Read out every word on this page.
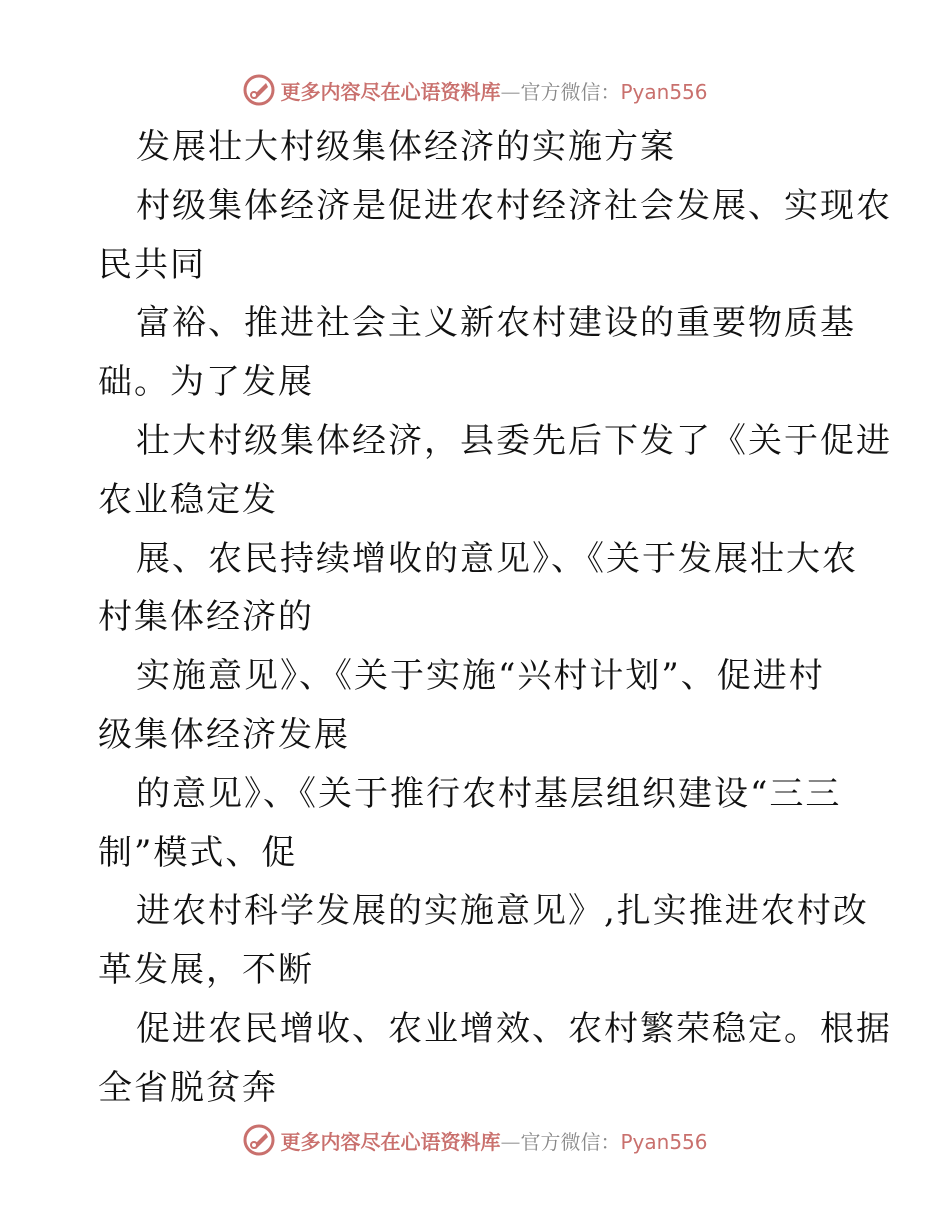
更多内容尽在心语资料库—官方微信：Pyan556
发展壮大村级集体经济的实施方案
村级集体经济是促进农村经济社会发展、实现农
民共同
富裕、推进社会主义新农村建设的重要物质基
础。为了发展
壮大村级集体经济，县委先后下发了《关于促进
农业稳定发
展、农民持续增收的意见》、《关于发展壮大农
村集体经济的
实施意见》、《关于实施“兴村计划”、促进村
级集体经济发展
的意见》、《关于推行农村基层组织建设“三三
制”模式、促
进农村科学发展的实施意见》,扎实推进农村改
革发展，不断
促进农民增收、农业增效、农村繁荣稳定。根据
全省脱贫奔
更多内容尽在心语资料库—官方微信：Pyan556
